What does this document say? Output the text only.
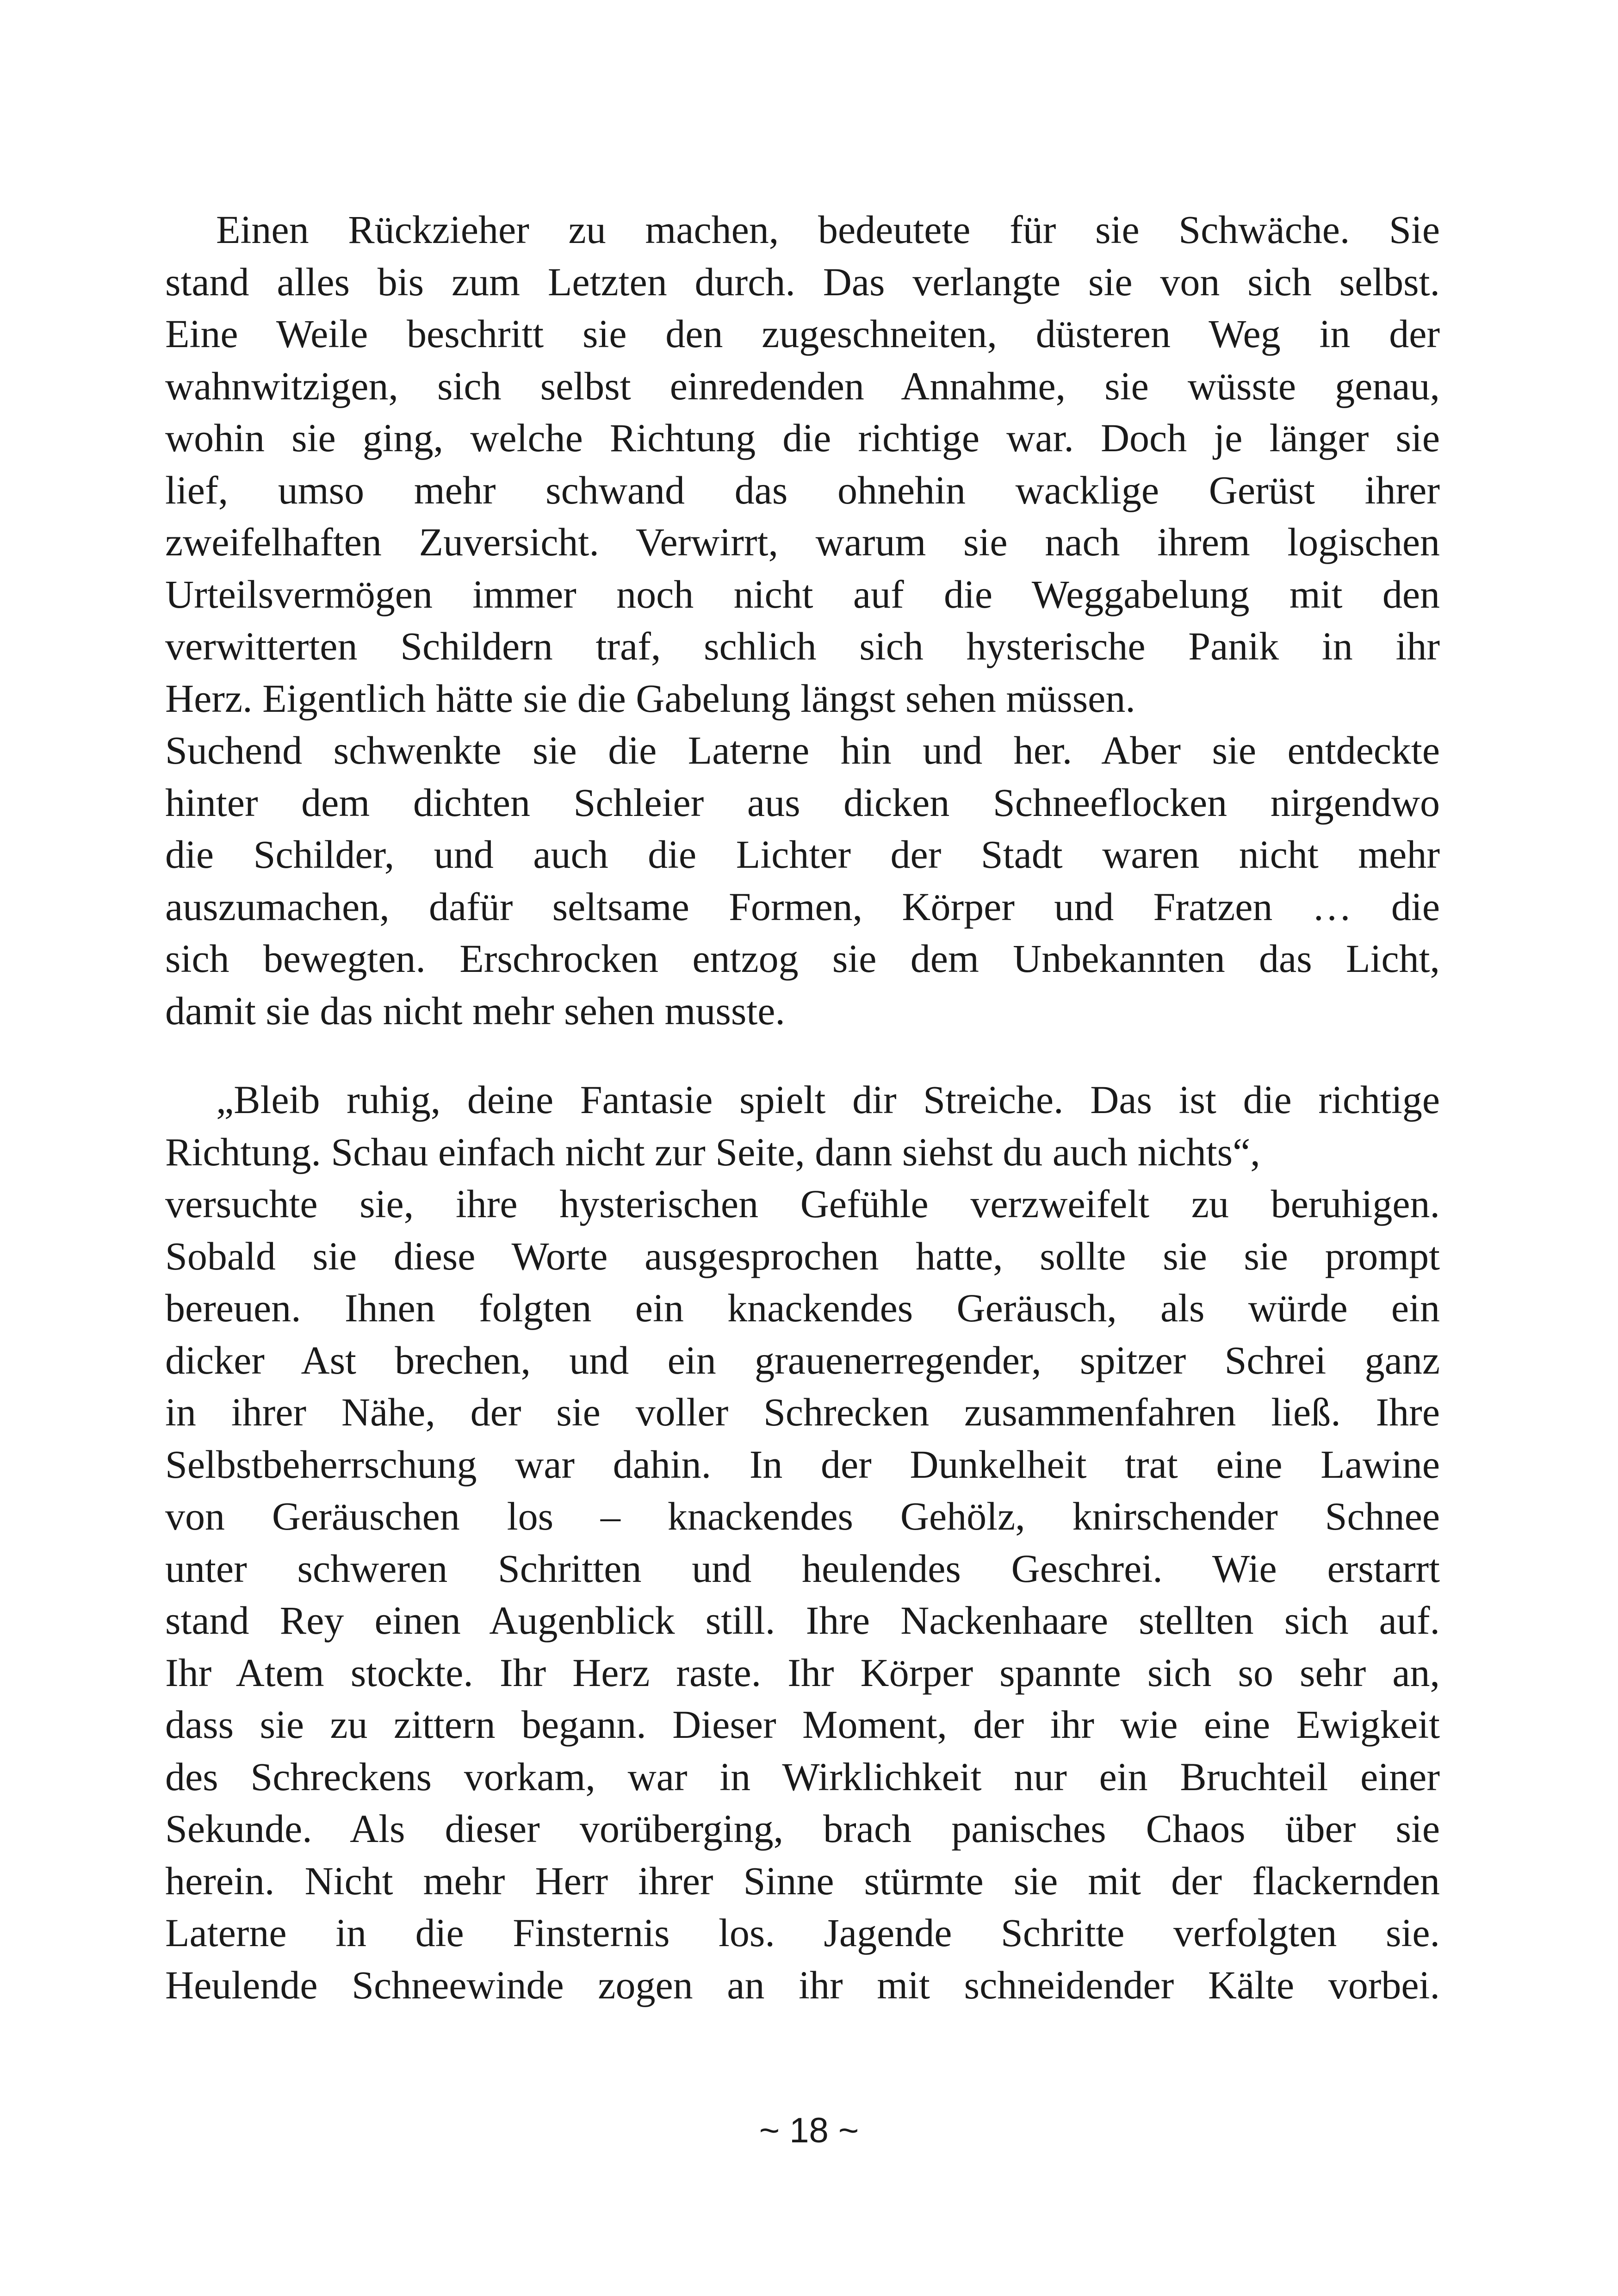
Einen Rückzieher zu machen, bedeutete für sie Schwäche. Sie
stand alles bis zum Letzten durch. Das verlangte sie von sich selbst.
Eine Weile beschritt sie den zugeschneiten, düsteren Weg in der
wahnwitzigen, sich selbst einredenden Annahme, sie wüsste genau,
wohin sie ging, welche Richtung die richtige war. Doch je länger sie
lief, umso mehr schwand das ohnehin wacklige Gerüst ihrer
zweifelhaften Zuversicht. Verwirrt, warum sie nach ihrem logischen
Urteilsvermögen immer noch nicht auf die Weggabelung mit den
verwitterten Schildern traf, schlich sich hysterische Panik in ihr
Herz. Eigentlich hätte sie die Gabelung längst sehen müssen.
Suchend schwenkte sie die Laterne hin und her. Aber sie entdeckte
hinter dem dichten Schleier aus dicken Schneeflocken nirgendwo
die Schilder, und auch die Lichter der Stadt waren nicht mehr
auszumachen, dafür seltsame Formen, Körper und Fratzen … die
sich bewegten. Erschrocken entzog sie dem Unbekannten das Licht,
damit sie das nicht mehr sehen musste.
„Bleib ruhig, deine Fantasie spielt dir Streiche. Das ist die richtige
Richtung. Schau einfach nicht zur Seite, dann siehst du auch nichts“,
versuchte sie, ihre hysterischen Gefühle verzweifelt zu beruhigen.
Sobald sie diese Worte ausgesprochen hatte, sollte sie sie prompt
bereuen. Ihnen folgten ein knackendes Geräusch, als würde ein
dicker Ast brechen, und ein grauenerregender, spitzer Schrei ganz
in ihrer Nähe, der sie voller Schrecken zusammenfahren ließ. Ihre
Selbstbeherrschung war dahin. In der Dunkelheit trat eine Lawine
von Geräuschen los – knackendes Gehölz, knirschender Schnee
unter schweren Schritten und heulendes Geschrei. Wie erstarrt
stand Rey einen Augenblick still. Ihre Nackenhaare stellten sich auf.
Ihr Atem stockte. Ihr Herz raste. Ihr Körper spannte sich so sehr an,
dass sie zu zittern begann. Dieser Moment, der ihr wie eine Ewigkeit
des Schreckens vorkam, war in Wirklichkeit nur ein Bruchteil einer
Sekunde. Als dieser vorüberging, brach panisches Chaos über sie
herein. Nicht mehr Herr ihrer Sinne stürmte sie mit der flackernden
Laterne in die Finsternis los. Jagende Schritte verfolgten sie.
Heulende Schneewinde zogen an ihr mit schneidender Kälte vorbei.
~ 18 ~
